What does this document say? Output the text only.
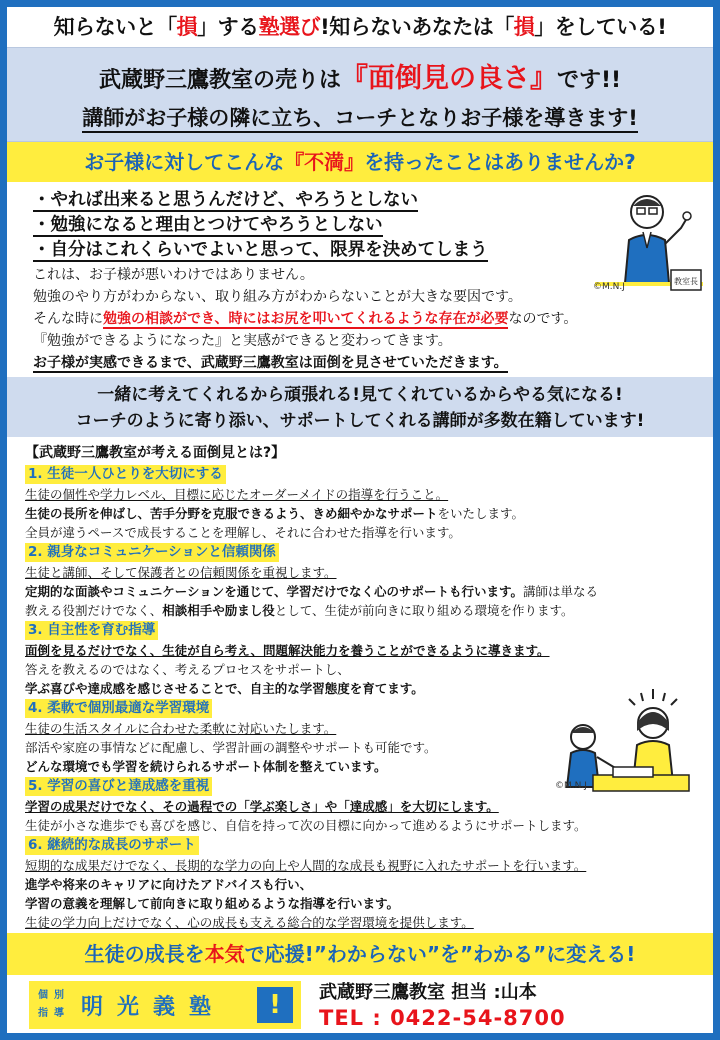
知らないと「損」する塾選び!知らないあなたは「損」をしている!
武蔵野三鷹教室の売りは『面倒見の良さ』です!!
講師がお子様の隣に立ち、コーチとなりお子様を導きます!
お子様に対してこんな『不満』を持ったことはありませんか?
・やれば出来ると思うんだけど、やろうとしない
・勉強になると理由とつけてやろうとしない
・自分はこれくらいでよいと思って、限界を決めてしまう
これは、お子様が悪いわけではありません。
勉強のやり方がわからない、取り組み方がわからないことが大きな要因です。
そんな時に勉強の相談ができ、時にはお尻を叩いてくれるような存在が必要なのです。
『勉強ができるようになった』と実感ができると変わってきます。
お子様が実感できるまで、武蔵野三鷹教室は面倒を見させていただきます。
教室長
©M.N.J
一緒に考えてくれるから頑張れる!見てくれているからやる気になる!
コーチのように寄り添い、サポートしてくれる講師が多数在籍しています!
【武蔵野三鷹教室が考える面倒見とは?】
1. 生徒一人ひとりを大切にする
生徒の個性や学力レベル、目標に応じたオーダーメイドの指導を行うこと。
生徒の長所を伸ばし、苦手分野を克服できるよう、きめ細やかなサポートをいたします。
全員が違うペースで成長することを理解し、それに合わせた指導を行います。
2. 親身なコミュニケーションと信頼関係
生徒と講師、そして保護者との信頼関係を重視します。
定期的な面談やコミュニケーションを通じて、学習だけでなく心のサポートも行います。講師は単なる
教える役割だけでなく、相談相手や励まし役として、生徒が前向きに取り組める環境を作ります。
3. 自主性を育む指導
面倒を見るだけでなく、生徒が自ら考え、問題解決能力を養うことができるように導きます。
答えを教えるのではなく、考えるプロセスをサポートし、
学ぶ喜びや達成感を感じさせることで、自主的な学習態度を育てます。
4. 柔軟で個別最適な学習環境
生徒の生活スタイルに合わせた柔軟に対応いたします。
部活や家庭の事情などに配慮し、学習計画の調整やサポートも可能です。
どんな環境でも学習を続けられるサポート体制を整えています。
5. 学習の喜びと達成感を重視
学習の成果だけでなく、その過程での「学ぶ楽しさ」や「達成感」を大切にします。
生徒が小さな進歩でも喜びを感じ、自信を持って次の目標に向かって進めるようにサポートします。
6. 継続的な成長のサポート
短期的な成果だけでなく、長期的な学力の向上や人間的な成長も視野に入れたサポートを行います。
進学や将来のキャリアに向けたアドバイスも行い、
学習の意義を理解して前向きに取り組めるような指導を行います。
生徒の学力向上だけでなく、心の成長も支える総合的な学習環境を提供します。
©M.N.J
生徒の成長を本気で応援!”わからない”を”わかる”に変える!
個 別
指 導 明光義塾	!	武蔵野三鷹教室 担当 :山本
TEL : 0422-54-8700
